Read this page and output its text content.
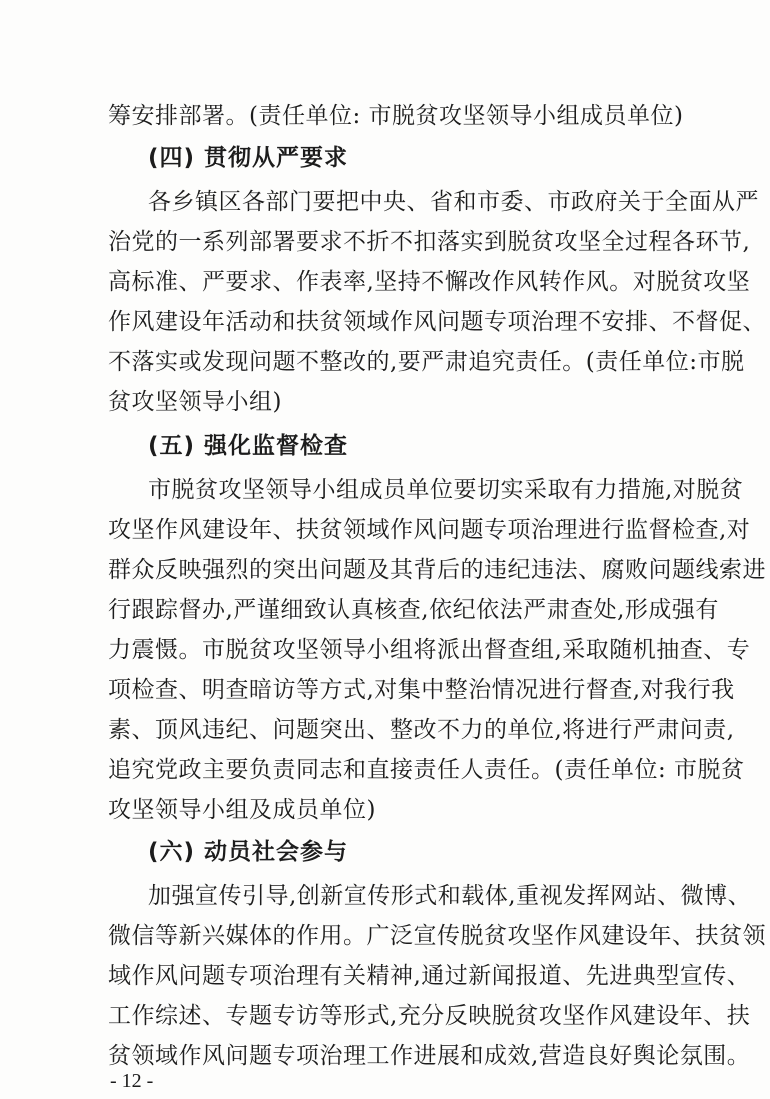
筹安排部署。(责任单位: 市脱贫攻坚领导小组成员单位)
(四) 贯彻从严要求
各乡镇区各部门要把中央、省和市委、市政府关于全面从严
治党的一系列部署要求不折不扣落实到脱贫攻坚全过程各环节,
高标准、严要求、作表率,坚持不懈改作风转作风。对脱贫攻坚
作风建设年活动和扶贫领域作风问题专项治理不安排、不督促、
不落实或发现问题不整改的,要严肃追究责任。(责任单位:市脱
贫攻坚领导小组)
(五) 强化监督检查
市脱贫攻坚领导小组成员单位要切实采取有力措施,对脱贫
攻坚作风建设年、扶贫领域作风问题专项治理进行监督检查,对
群众反映强烈的突出问题及其背后的违纪违法、腐败问题线索进
行跟踪督办,严谨细致认真核查,依纪依法严肃查处,形成强有
力震慑。市脱贫攻坚领导小组将派出督查组,采取随机抽查、专
项检查、明查暗访等方式,对集中整治情况进行督查,对我行我
素、顶风违纪、问题突出、整改不力的单位,将进行严肃问责,
追究党政主要负责同志和直接责任人责任。(责任单位: 市脱贫
攻坚领导小组及成员单位)
(六) 动员社会参与
加强宣传引导,创新宣传形式和载体,重视发挥网站、微博、
微信等新兴媒体的作用。广泛宣传脱贫攻坚作风建设年、扶贫领
域作风问题专项治理有关精神,通过新闻报道、先进典型宣传、
工作综述、专题专访等形式,充分反映脱贫攻坚作风建设年、扶
贫领域作风问题专项治理工作进展和成效,营造良好舆论氛围。
- 12 -
